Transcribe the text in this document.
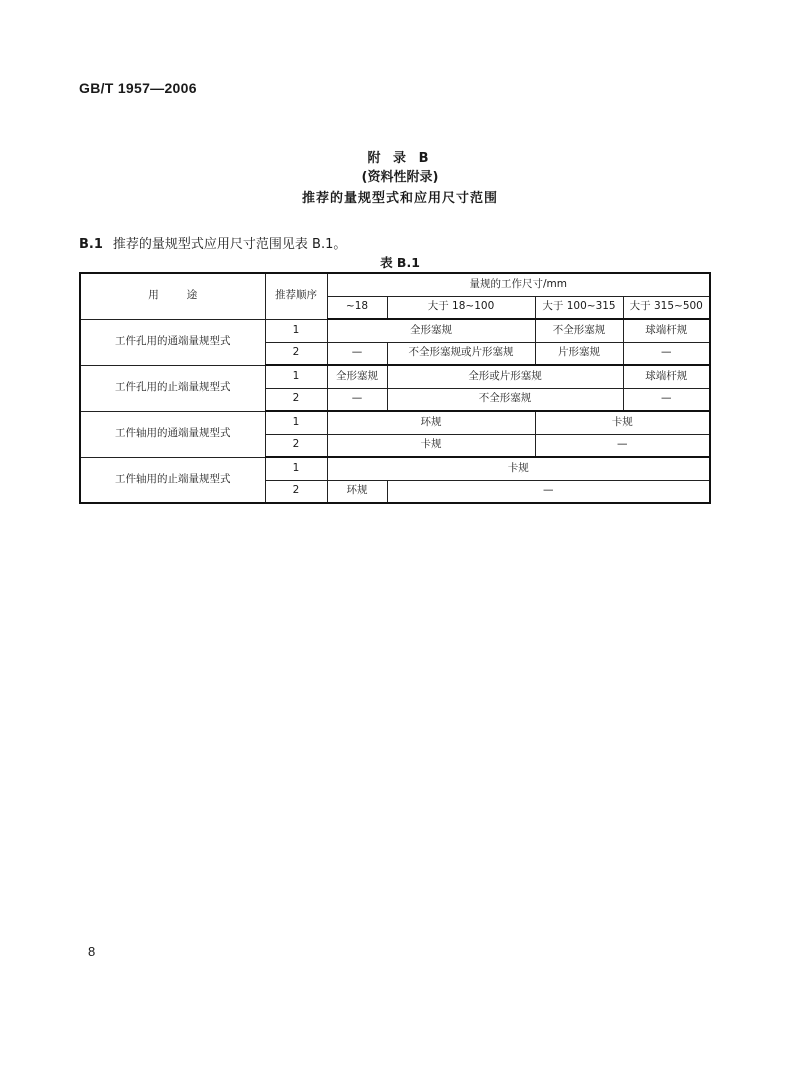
GB/T 1957—2006
附 录 B
(资料性附录)
推荐的量规型式和应用尺寸范围
B.1 推荐的量规型式应用尺寸范围见表 B.1。
表 B.1
用途	推荐顺序	量规的工作尺寸/mm			
		~18	大于 18~100	大于 100~315	大于 315~500
工件孔用的通端量规型式	1	全形塞规		不全形塞规	球端杆规
	2	—	不全形塞规或片形塞规	片形塞规	—
工件孔用的止端量规型式	1	全形塞规	全形或片形塞规		球端杆规
	2	—	不全形塞规		—
工件轴用的通端量规型式	1	环规		卡规	
	2	卡规		—	
工件轴用的止端量规型式	1	卡规			
	2	环规	—		
8
